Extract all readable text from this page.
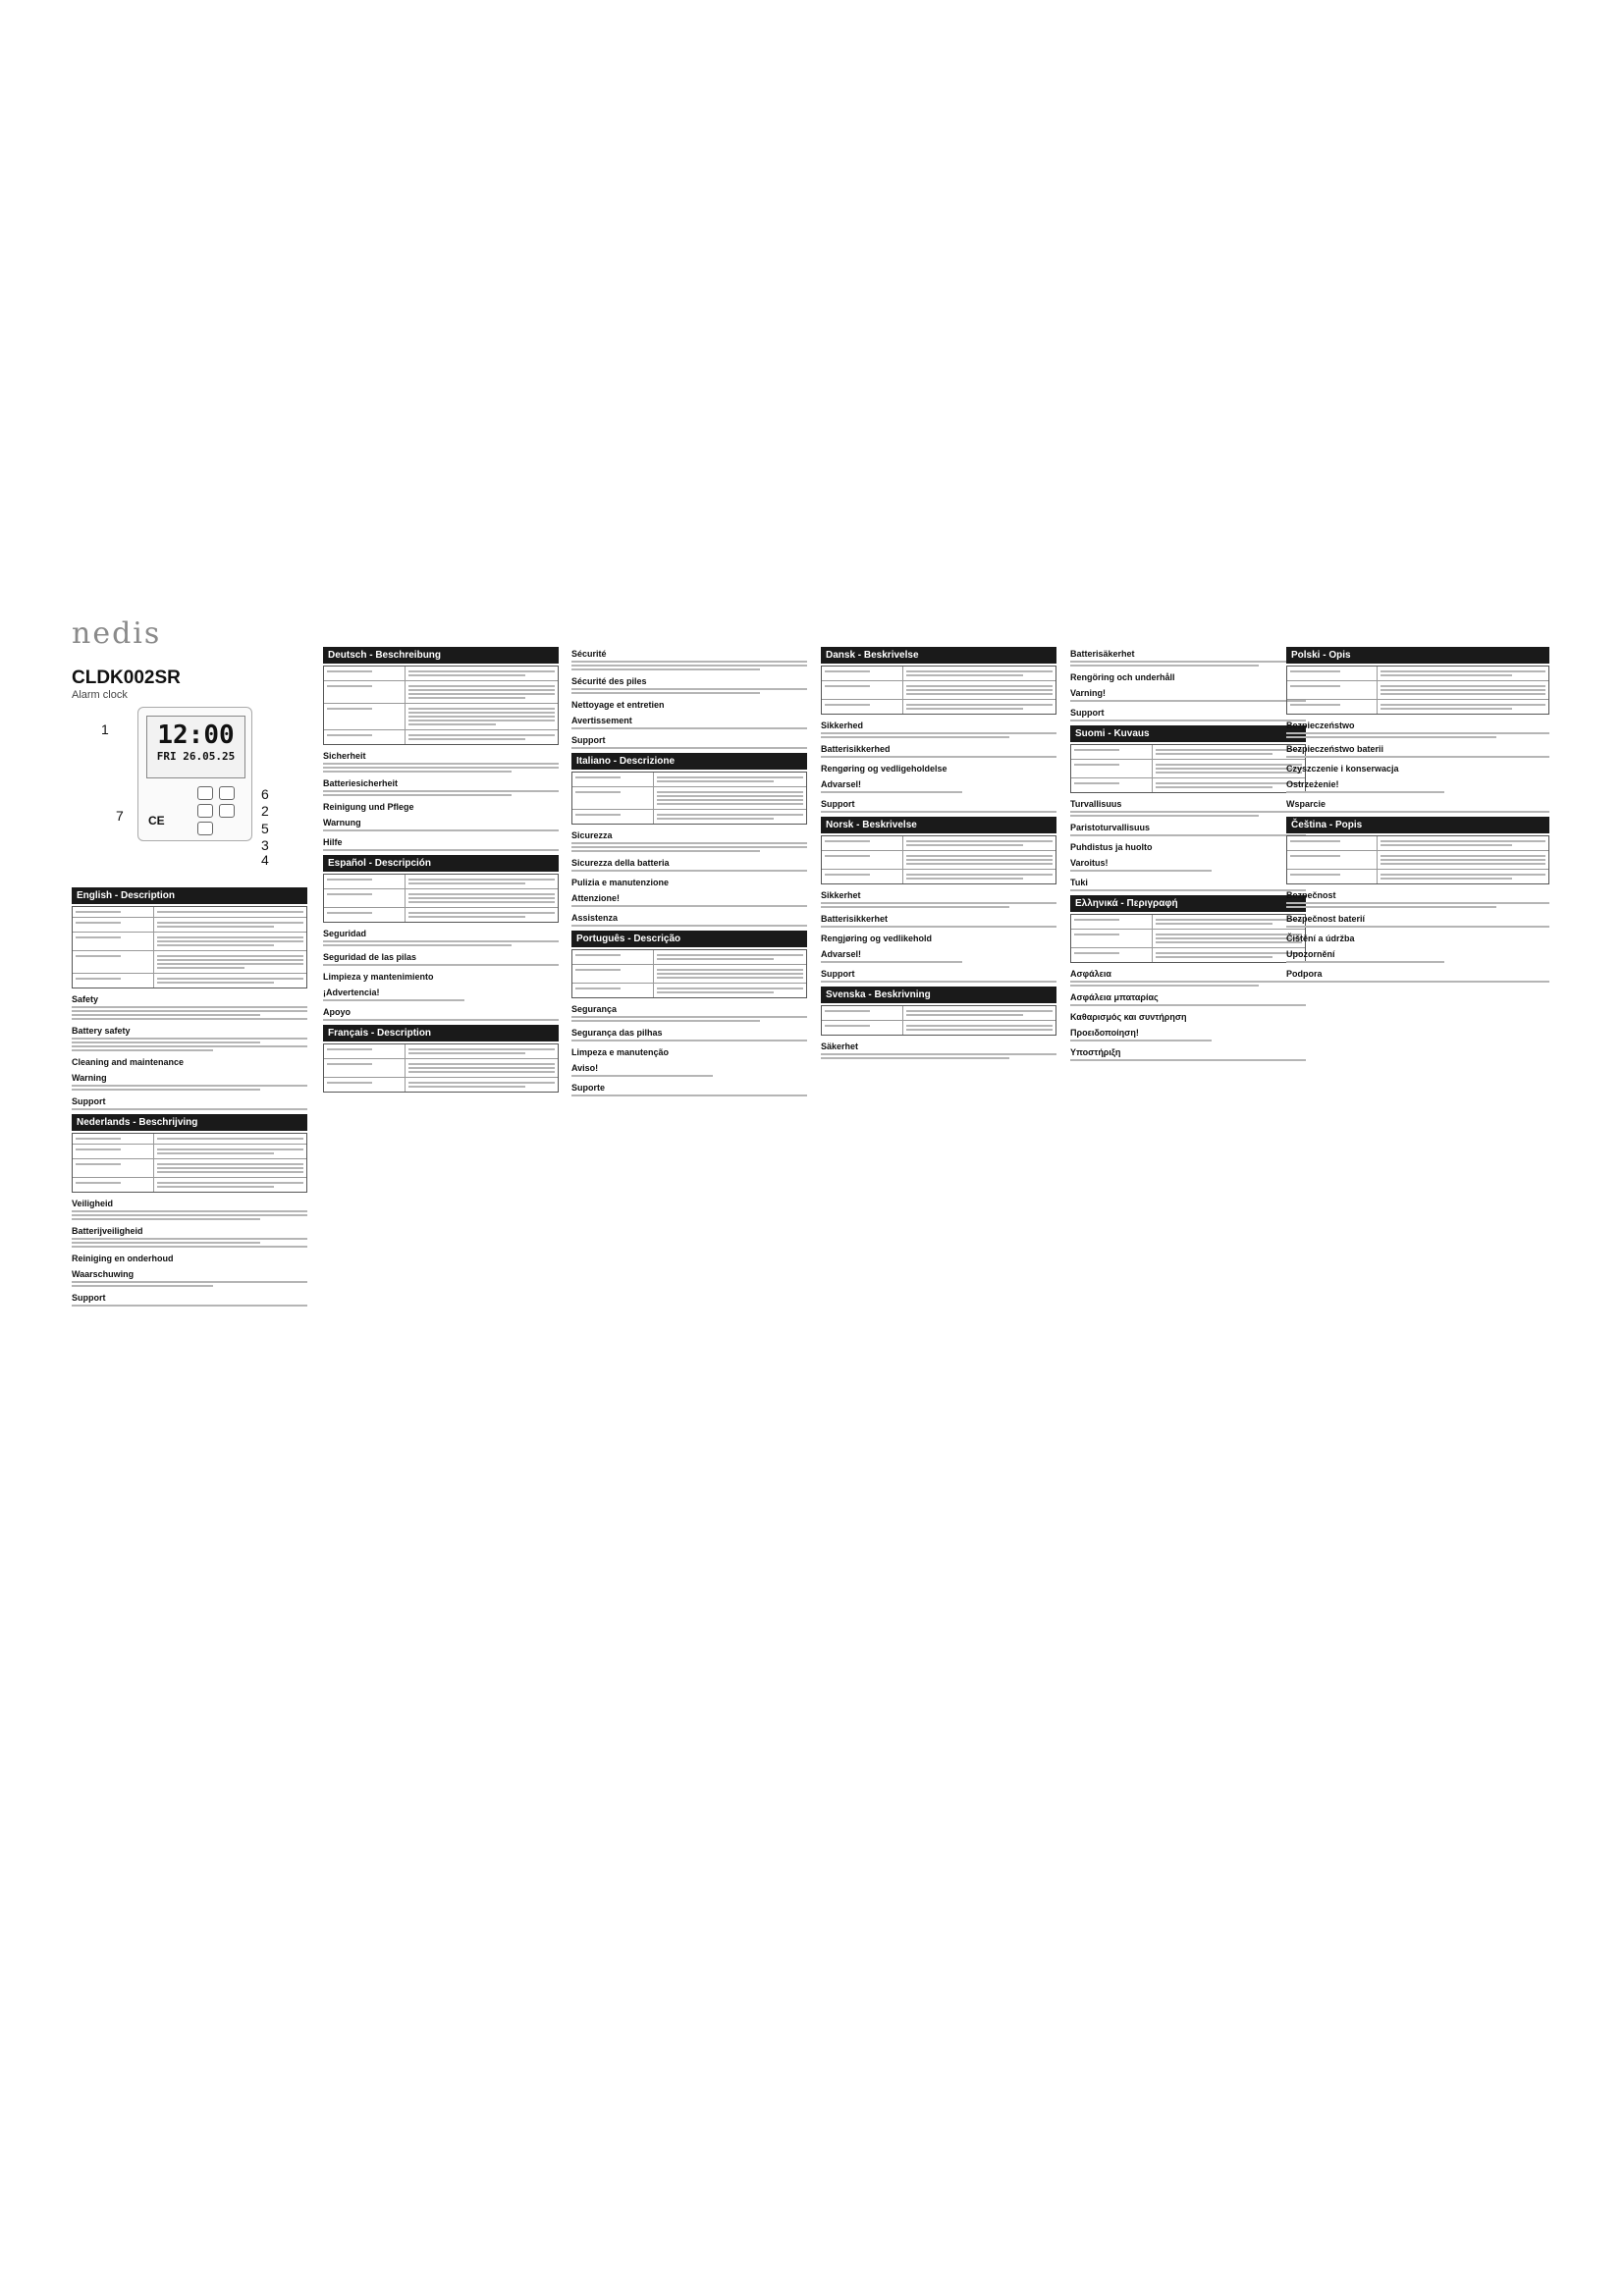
nedis
CLDK002SR
Alarm clock
12:00
FRI 26.05.25
CE
1
2
3
4
5
6
7
English - Description
Safety
Battery safety
Cleaning and maintenance
Warning
Support
Nederlands - Beschrijving
Veiligheid
Batterijveiligheid
Reiniging en onderhoud
Waarschuwing
Support
Deutsch - Beschreibung
Sicherheit
Batteriesicherheit
Reinigung und Pflege
Warnung
Hilfe
Español - Descripción
Seguridad
Seguridad de las pilas
Limpieza y mantenimiento
¡Advertencia!
Apoyo
Français - Description
Sécurité
Sécurité des piles
Nettoyage et entretien
Avertissement
Support
Italiano - Descrizione
Sicurezza
Sicurezza della batteria
Pulizia e manutenzione
Attenzione!
Assistenza
Português - Descrição
Segurança
Segurança das pilhas
Limpeza e manutenção
Aviso!
Suporte
Dansk - Beskrivelse
Sikkerhed
Batterisikkerhed
Rengøring og vedligeholdelse
Advarsel!
Support
Norsk - Beskrivelse
Sikkerhet
Batterisikkerhet
Rengjøring og vedlikehold
Advarsel!
Support
Svenska - Beskrivning
Säkerhet
Batterisäkerhet
Rengöring och underhåll
Varning!
Support
Suomi - Kuvaus
Turvallisuus
Paristoturvallisuus
Puhdistus ja huolto
Varoitus!
Tuki
Ελληνικά - Περιγραφή
Ασφάλεια
Ασφάλεια μπαταρίας
Καθαρισμός και συντήρηση
Προειδοποίηση!
Υποστήριξη
Polski - Opis
Bezpieczeństwo
Bezpieczeństwo baterii
Czyszczenie i konserwacja
Ostrzeżenie!
Wsparcie
Čeština - Popis
Bezpečnost
Bezpečnost baterií
Čištění a údržba
Upozornění
Podpora
